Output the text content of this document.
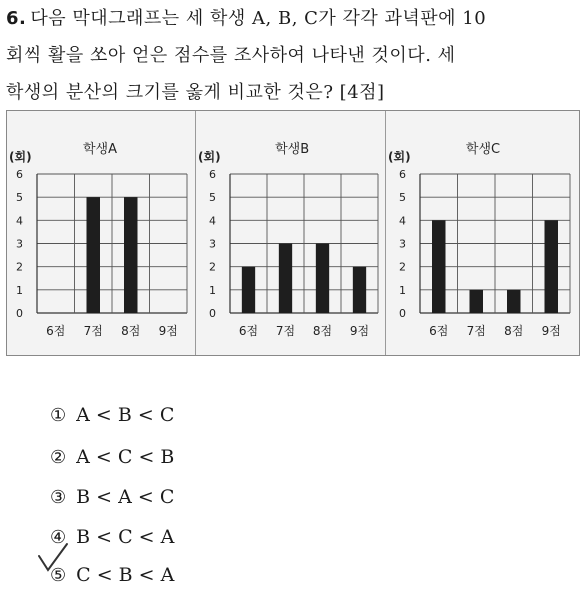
6. 다음 막대그래프는 세 학생 A, B, C가 각각 과녁판에 10
회씩 활을 쏘아 얻은 점수를 조사하여 나타낸 것이다. 세
학생의 분산의 크기를 옳게 비교한 것은? [4점]
학생A
(회)
0
1
2
3
4
5
6
6점 7점 8점 9점
학생B
(회)
0
1
2
3
4
5
6
6점 7점 8점 9점
학생C
(회)
0
1
2
3
4
5
6
6점 7점 8점 9점
① A < B < C
② A < C < B
③ B < A < C
④ B < C < A
⑤ C < B < A
